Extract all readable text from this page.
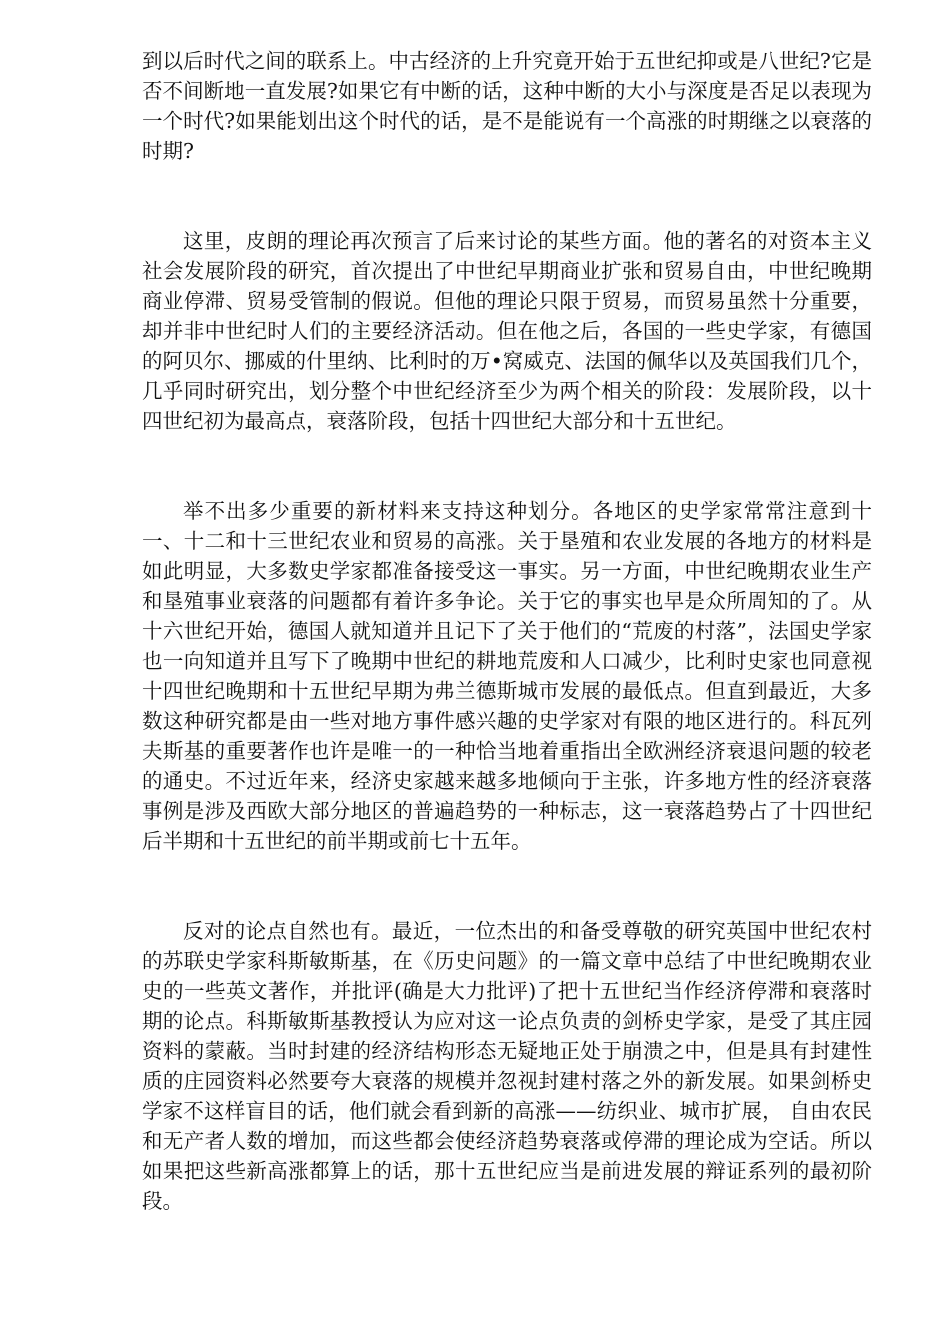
到以后时代之间的联系上。中古经济的上升究竟开始于五世纪抑或是八世纪?它是否不间断地一直发展?如果它有中断的话，这种中断的大小与深度是否足以表现为一个时代?如果能划出这个时代的话，是不是能说有一个高涨的时期继之以衰落的时期?

这里，皮朗的理论再次预言了后来讨论的某些方面。他的著名的对资本主义社会发展阶段的研究，首次提出了中世纪早期商业扩张和贸易自由，中世纪晚期商业停滞、贸易受管制的假说。但他的理论只限于贸易，而贸易虽然十分重要，却并非中世纪时人们的主要经济活动。但在他之后，各国的一些史学家，有德国的阿贝尔、挪威的什里纳、比利时的万•窝威克、法国的佩华以及英国我们几个，几乎同时研究出，划分整个中世纪经济至少为两个相关的阶段：发展阶段，以十四世纪初为最高点，衰落阶段，包括十四世纪大部分和十五世纪。

举不出多少重要的新材料来支持这种划分。各地区的史学家常常注意到十一、十二和十三世纪农业和贸易的高涨。关于垦殖和农业发展的各地方的材料是如此明显，大多数史学家都准备接受这一事实。另一方面，中世纪晚期农业生产和垦殖事业衰落的问题都有着许多争论。关于它的事实也早是众所周知的了。从十六世纪开始，德国人就知道并且记下了关于他们的“荒废的村落”，法国史学家也一向知道并且写下了晚期中世纪的耕地荒废和人口减少，比利时史家也同意视十四世纪晚期和十五世纪早期为弗兰德斯城市发展的最低点。但直到最近，大多数这种研究都是由一些对地方事件感兴趣的史学家对有限的地区进行的。科瓦列夫斯基的重要著作也许是唯一的一种恰当地着重指出全欧洲经济衰退问题的较老的通史。不过近年来，经济史家越来越多地倾向于主张，许多地方性的经济衰落事例是涉及西欧大部分地区的普遍趋势的一种标志，这一衰落趋势占了十四世纪后半期和十五世纪的前半期或前七十五年。

反对的论点自然也有。最近，一位杰出的和备受尊敬的研究英国中世纪农村的苏联史学家科斯敏斯基，在《历史问题》的一篇文章中总结了中世纪晚期农业史的一些英文著作，并批评(确是大力批评)了把十五世纪当作经济停滞和衰落时期的论点。科斯敏斯基教授认为应对这一论点负责的剑桥史学家，是受了其庄园资料的蒙蔽。当时封建的经济结构形态无疑地正处于崩溃之中，但是具有封建性质的庄园资料必然要夸大衰落的规模并忽视封建村落之外的新发展。如果剑桥史学家不这样盲目的话，他们就会看到新的高涨——纺织业、城市扩展， 自由农民和无产者人数的增加，而这些都会使经济趋势衰落或停滞的理论成为空话。所以如果把这些新高涨都算上的话，那十五世纪应当是前进发展的辩证系列的最初阶段。
